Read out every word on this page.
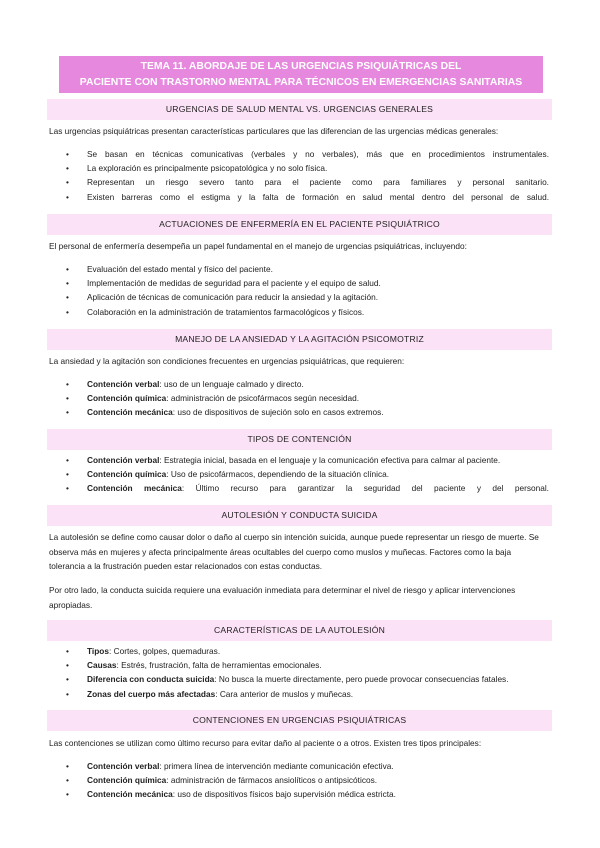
TEMA 11. ABORDAJE DE LAS URGENCIAS PSIQUIÁTRICAS DEL
PACIENTE CON TRASTORNO MENTAL PARA TÉCNICOS EN EMERGENCIAS SANITARIAS
URGENCIAS DE SALUD MENTAL VS. URGENCIAS GENERALES

Las urgencias psiquiátricas presentan características particulares que las diferencian de las urgencias médicas generales:

• Se basan en técnicas comunicativas (verbales y no verbales), más que en procedimientos instrumentales.
• La exploración es principalmente psicopatológica y no solo física.
• Representan un riesgo severo tanto para el paciente como para familiares y personal sanitario.
• Existen barreras como el estigma y la falta de formación en salud mental dentro del personal de salud.
ACTUACIONES DE ENFERMERÍA EN EL PACIENTE PSIQUIÁTRICO

El personal de enfermería desempeña un papel fundamental en el manejo de urgencias psiquiátricas, incluyendo:

• Evaluación del estado mental y físico del paciente.
• Implementación de medidas de seguridad para el paciente y el equipo de salud.
• Aplicación de técnicas de comunicación para reducir la ansiedad y la agitación.
• Colaboración en la administración de tratamientos farmacológicos y físicos.
MANEJO DE LA ANSIEDAD Y LA AGITACIÓN PSICOMOTRIZ

La ansiedad y la agitación son condiciones frecuentes en urgencias psiquiátricas, que requieren:

• Contención verbal: uso de un lenguaje calmado y directo.
• Contención química: administración de psicofármacos según necesidad.
• Contención mecánica: uso de dispositivos de sujeción solo en casos extremos.
TIPOS DE CONTENCIÓN
• Contención verbal: Estrategia inicial, basada en el lenguaje y la comunicación efectiva para calmar al paciente.
• Contención química: Uso de psicofármacos, dependiendo de la situación clínica.
• Contención mecánica: Último recurso para garantizar la seguridad del paciente y del personal.
AUTOLESIÓN Y CONDUCTA SUICIDA

La autolesión se define como causar dolor o daño al cuerpo sin intención suicida, aunque puede representar un riesgo de muerte. Se observa más en mujeres y afecta principalmente áreas ocultables del cuerpo como muslos y muñecas. Factores como la baja tolerancia a la frustración pueden estar relacionados con estas conductas.

Por otro lado, la conducta suicida requiere una evaluación inmediata para determinar el nivel de riesgo y aplicar intervenciones apropiadas.

CARACTERÍSTICAS DE LA AUTOLESIÓN
• Tipos: Cortes, golpes, quemaduras.
• Causas: Estrés, frustración, falta de herramientas emocionales.
• Diferencia con conducta suicida: No busca la muerte directamente, pero puede provocar consecuencias fatales.
• Zonas del cuerpo más afectadas: Cara anterior de muslos y muñecas.
CONTENCIONES EN URGENCIAS PSIQUIÁTRICAS

Las contenciones se utilizan como último recurso para evitar daño al paciente o a otros. Existen tres tipos principales:

• Contención verbal: primera línea de intervención mediante comunicación efectiva.
• Contención química: administración de fármacos ansiolíticos o antipsicóticos.
• Contención mecánica: uso de dispositivos físicos bajo supervisión médica estricta.
